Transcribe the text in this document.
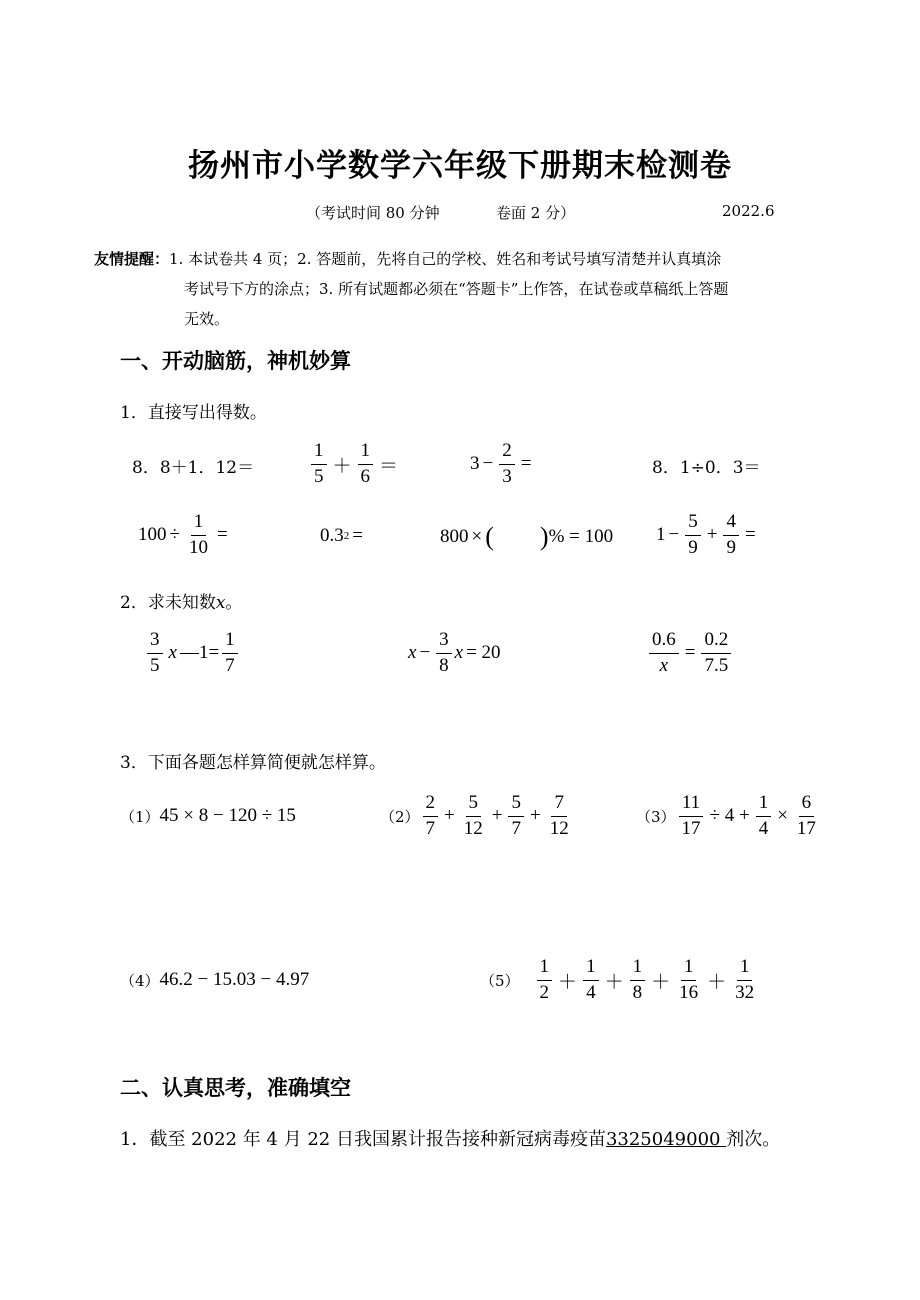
扬州市小学数学六年级下册期末检测卷
（考试时间 80 分钟	卷面 2 分）	2022.6
友情提醒：1. 本试卷共 4 页；2. 答题前，先将自己的学校、姓名和考试号填写清楚并认真填涂
考试号下方的涂点；3. 所有试题都必须在“答题卡”上作答，在试卷或草稿纸上答题
无效。
一、开动脑筋，神机妙算
1．直接写出得数。
8．8＋1．12＝	$\frac{1}{5} + \frac{1}{6}$ ＝	$3 - \frac{2}{3}$ =	8．1÷0．3＝
$100 \div \frac{1}{10}$ =	0.3 2 =	800 × ( ) % = 100 $1 - \frac{5}{9} + \frac{4}{9}$ =
2．求未知数x。
$\frac{3}{5}$ x —1= $\frac{1}{7}$	$x - \frac{3}{8}$ x = 20	$\frac{0.6}{x} = \frac{0.2}{7.5}$
3．下面各题怎样算简便就怎样算。
（1） 45 × 8 − 120 ÷ 15	$(2) \frac{2}{7} + \frac{5}{12} + \frac{5}{7} + \frac{7}{12}$	$(3) \frac{11}{17} \div 4 + \frac{1}{4} \times \frac{6}{17}$
（4） 46.2 − 15.03 − 4.97	$(5) \frac{1}{2} + \frac{1}{4} + \frac{1}{8} + \frac{1}{16} + \frac{1}{32}$
二、认真思考，准确填空
1．截至 2022 年 4 月 22 日我国累计报告接种新冠病毒疫苗3325049000 剂次。
